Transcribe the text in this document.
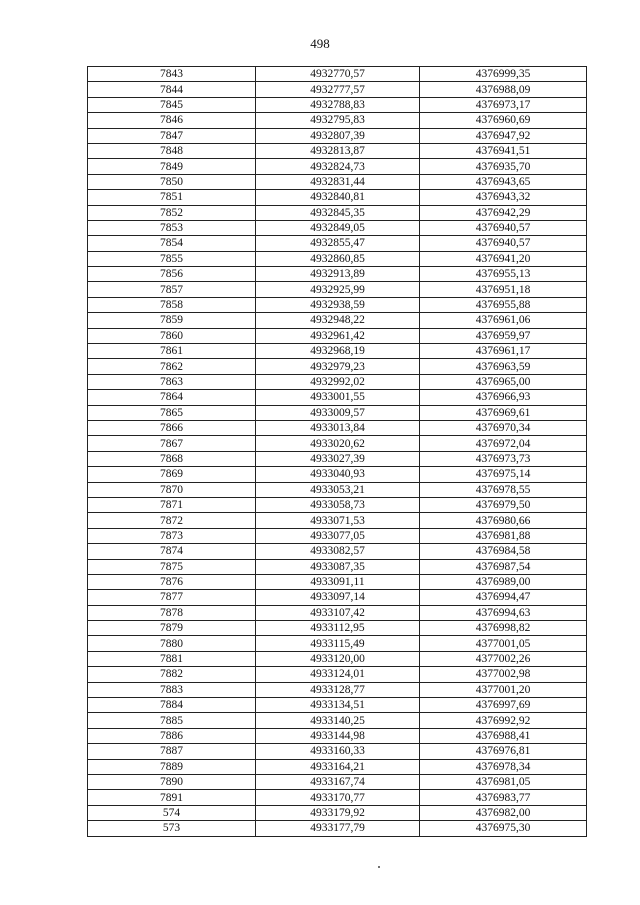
498
7843	4932770,57	4376999,35
7844	4932777,57	4376988,09
7845	4932788,83	4376973,17
7846	4932795,83	4376960,69
7847	4932807,39	4376947,92
7848	4932813,87	4376941,51
7849	4932824,73	4376935,70
7850	4932831,44	4376943,65
7851	4932840,81	4376943,32
7852	4932845,35	4376942,29
7853	4932849,05	4376940,57
7854	4932855,47	4376940,57
7855	4932860,85	4376941,20
7856	4932913,89	4376955,13
7857	4932925,99	4376951,18
7858	4932938,59	4376955,88
7859	4932948,22	4376961,06
7860	4932961,42	4376959,97
7861	4932968,19	4376961,17
7862	4932979,23	4376963,59
7863	4932992,02	4376965,00
7864	4933001,55	4376966,93
7865	4933009,57	4376969,61
7866	4933013,84	4376970,34
7867	4933020,62	4376972,04
7868	4933027,39	4376973,73
7869	4933040,93	4376975,14
7870	4933053,21	4376978,55
7871	4933058,73	4376979,50
7872	4933071,53	4376980,66
7873	4933077,05	4376981,88
7874	4933082,57	4376984,58
7875	4933087,35	4376987,54
7876	4933091,11	4376989,00
7877	4933097,14	4376994,47
7878	4933107,42	4376994,63
7879	4933112,95	4376998,82
7880	4933115,49	4377001,05
7881	4933120,00	4377002,26
7882	4933124,01	4377002,98
7883	4933128,77	4377001,20
7884	4933134,51	4376997,69
7885	4933140,25	4376992,92
7886	4933144,98	4376988,41
7887	4933160,33	4376976,81
7889	4933164,21	4376978,34
7890	4933167,74	4376981,05
7891	4933170,77	4376983,77
574	4933179,92	4376982,00
573	4933177,79	4376975,30
